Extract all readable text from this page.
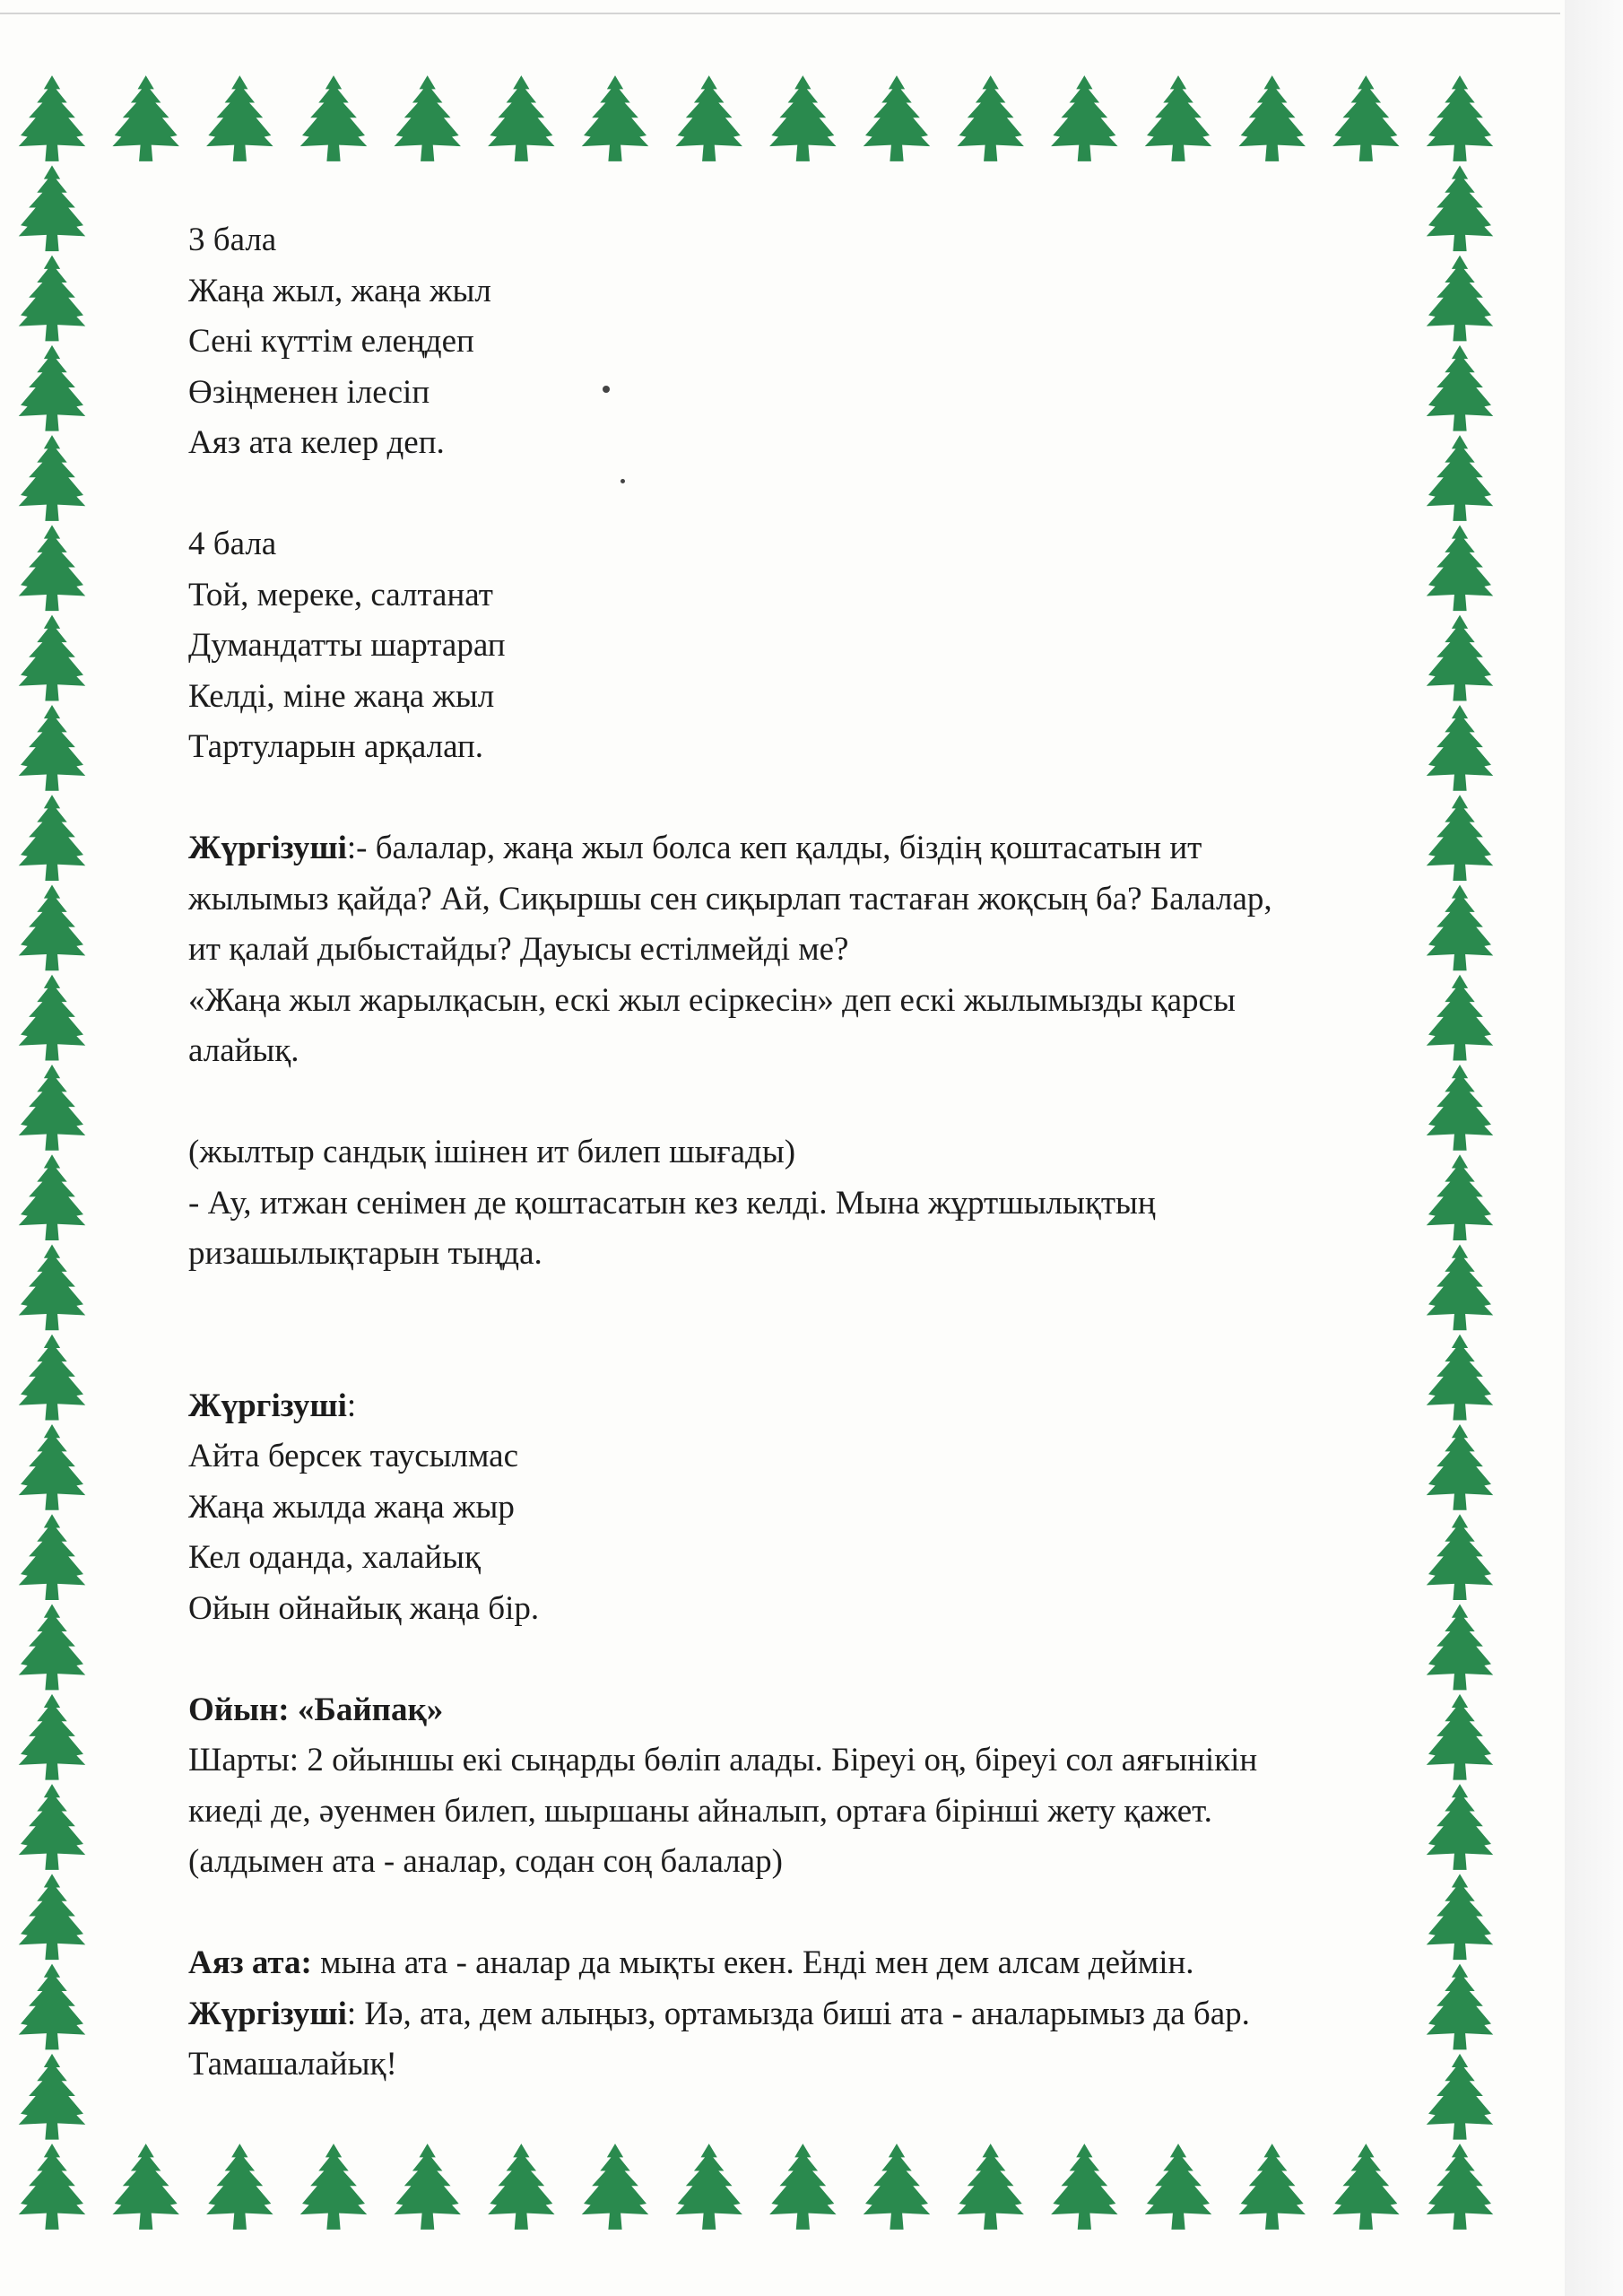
3 бала
Жаңа жыл, жаңа жыл
Сені күттім елеңдеп
Өзіңменен ілесіп
Аяз ата келер деп.
4 бала
Той, мереке, салтанат
Думандатты шартарап
Келді, міне жаңа жыл
Тартуларын арқалап.
Жүргізуші:- балалар, жаңа жыл болса кеп қалды, біздің қоштасатын ит
жылымыз қайда? Ай, Сиқыршы сен сиқырлап тастаған жоқсың ба? Балалар,
ит қалай дыбыстайды? Дауысы естілмейді ме?
«Жаңа жыл жарылқасын, ескі жыл есіркесін» деп ескі жылымызды қарсы
алайық.
(жылтыр сандық ішінен ит билеп шығады)
- Ау, итжан сенімен де қоштасатын кез келді. Мына жұртшылықтың
ризашылықтарын тыңда.
Жүргізуші:
Айта берсек таусылмас
Жаңа жылда жаңа жыр
Кел оданда, халайық
Ойын ойнайық жаңа бір.
Ойын: «Байпақ»
Шарты: 2 ойыншы екі сыңарды бөліп алады. Біреуі оң, біреуі сол аяғынікін
киеді де, әуенмен билеп, шыршаны айналып, ортаға бірінші жету қажет.
(алдымен ата - аналар, содан соң балалар)
Аяз ата: мына ата - аналар да мықты екен. Енді мен дем алсам деймін.
Жүргізуші: Иә, ата, дем алыңыз, ортамызда биші ата - аналарымыз да бар.
Тамашалайық!
